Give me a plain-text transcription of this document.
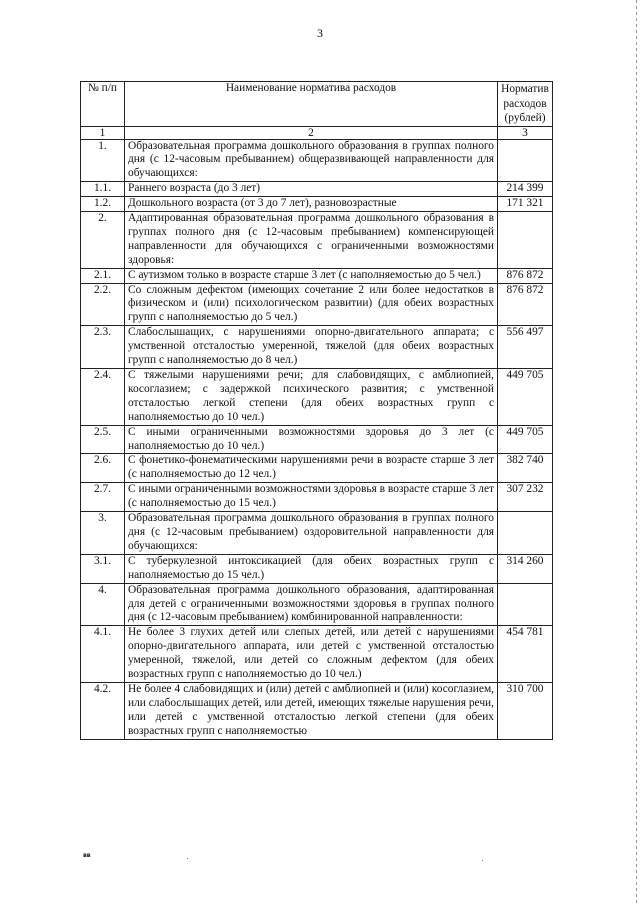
3
№ п/п	Наименование норматива расходов	Норматив расходов (рублей)
1	2	3
1.	Образовательная программа дошкольного образования в группах полного дня (с 12-часовым пребыванием) общеразвивающей направленности для обучающихся:	
1.1.	Раннего возраста (до 3 лет)	214 399
1.2.	Дошкольного возраста (от 3 до 7 лет), разновозрастные	171 321
2.	Адаптированная образовательная программа дошкольного образования в группах полного дня (с 12-часовым пребыванием) компенсирующей направленности для обучающихся с ограниченными возможностями здоровья:	
2.1.	С аутизмом только в возрасте старше 3 лет (с наполняемостью до 5 чел.)	876 872
2.2.	Со сложным дефектом (имеющих сочетание 2 или более недостатков в физическом и (или) психологическом развитии) (для обеих возрастных групп с наполняемостью до 5 чел.)	876 872
2.3.	Слабослышащих, с нарушениями опорно-двигательного аппарата; с умственной отсталостью умеренной, тяжелой (для обеих возрастных групп с наполняемостью до 8 чел.)	556 497
2.4.	С тяжелыми нарушениями речи; для слабовидящих, с амблиопией, косоглазием; с задержкой психического развития; с умственной отсталостью легкой степени (для обеих возрастных групп с наполняемостью до 10 чел.)	449 705
2.5.	С иными ограниченными возможностями здоровья до 3 лет (с наполняемостью до 10 чел.)	449 705
2.6.	С фонетико-фонематическими нарушениями речи в возрасте старше 3 лет (с наполняемостью до 12 чел.)	382 740
2.7.	С иными ограниченными возможностями здоровья в возрасте старше 3 лет (с наполняемостью до 15 чел.)	307 232
3.	Образовательная программа дошкольного образования в группах полного дня (с 12-часовым пребыванием) оздоровительной направленности для обучающихся:	
3.1.	С туберкулезной интоксикацией (для обеих возрастных групп с наполняемостью до 15 чел.)	314 260
4.	Образовательная программа дошкольного образования, адаптированная для детей с ограниченными возможностями здоровья в группах полного дня (с 12-часовым пребыванием) комбинированной направленности:	
4.1.	Не более 3 глухих детей или слепых детей, или детей с нарушениями опорно-двигательного аппарата, или детей с умственной отсталостью умеренной, тяжелой, или детей со сложным дефектом (для обеих возрастных групп с наполняемостью до 10 чел.)	454 781
4.2.	Не более 4 слабовидящих и (или) детей с амблиопией и (или) косоглазием, или слабослышащих детей, или детей, имеющих тяжелые нарушения речи, или детей с умственной отсталостью легкой степени (для обеих возрастных групп с наполняемостью	310 700
вв
